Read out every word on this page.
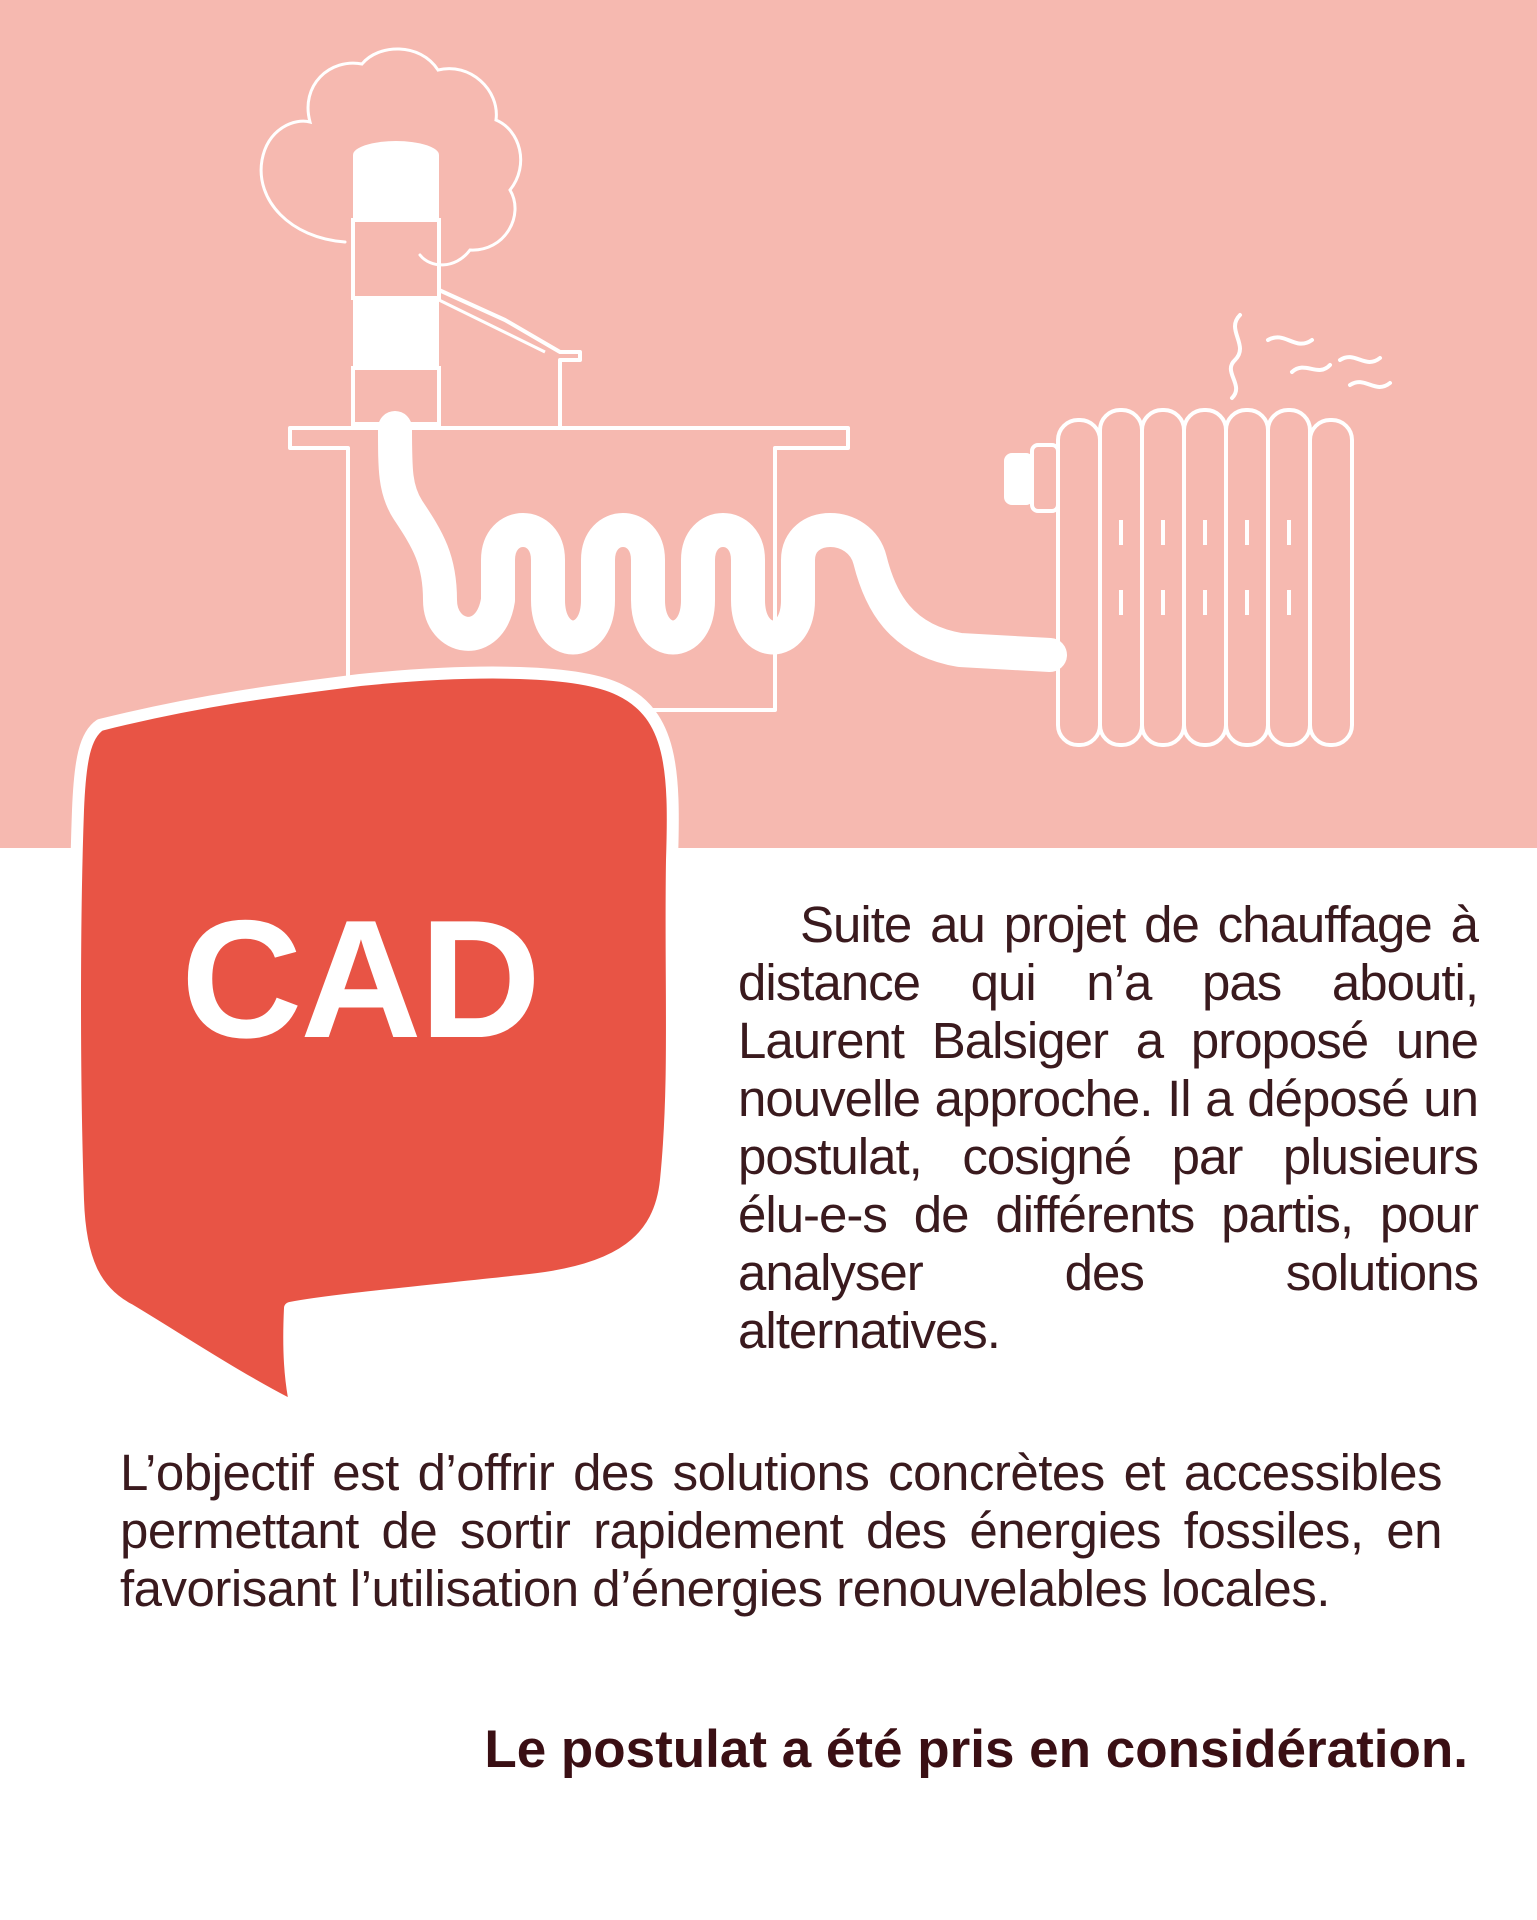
CAD	Suite au projet de chauffage à distance qui n’a pas abouti, Laurent Balsiger a proposé une nouvelle approche. Il a déposé un postulat, cosigné par plusieurs élu-e-s de différents partis, pour analyser des solutions alternatives.

L’objectif est d’offrir des solutions concrètes et accessibles permettant de sortir rapidement des énergies fossiles, en favorisant l’utilisation d’énergies renouvelables locales.

Le postulat a été pris en considération.
